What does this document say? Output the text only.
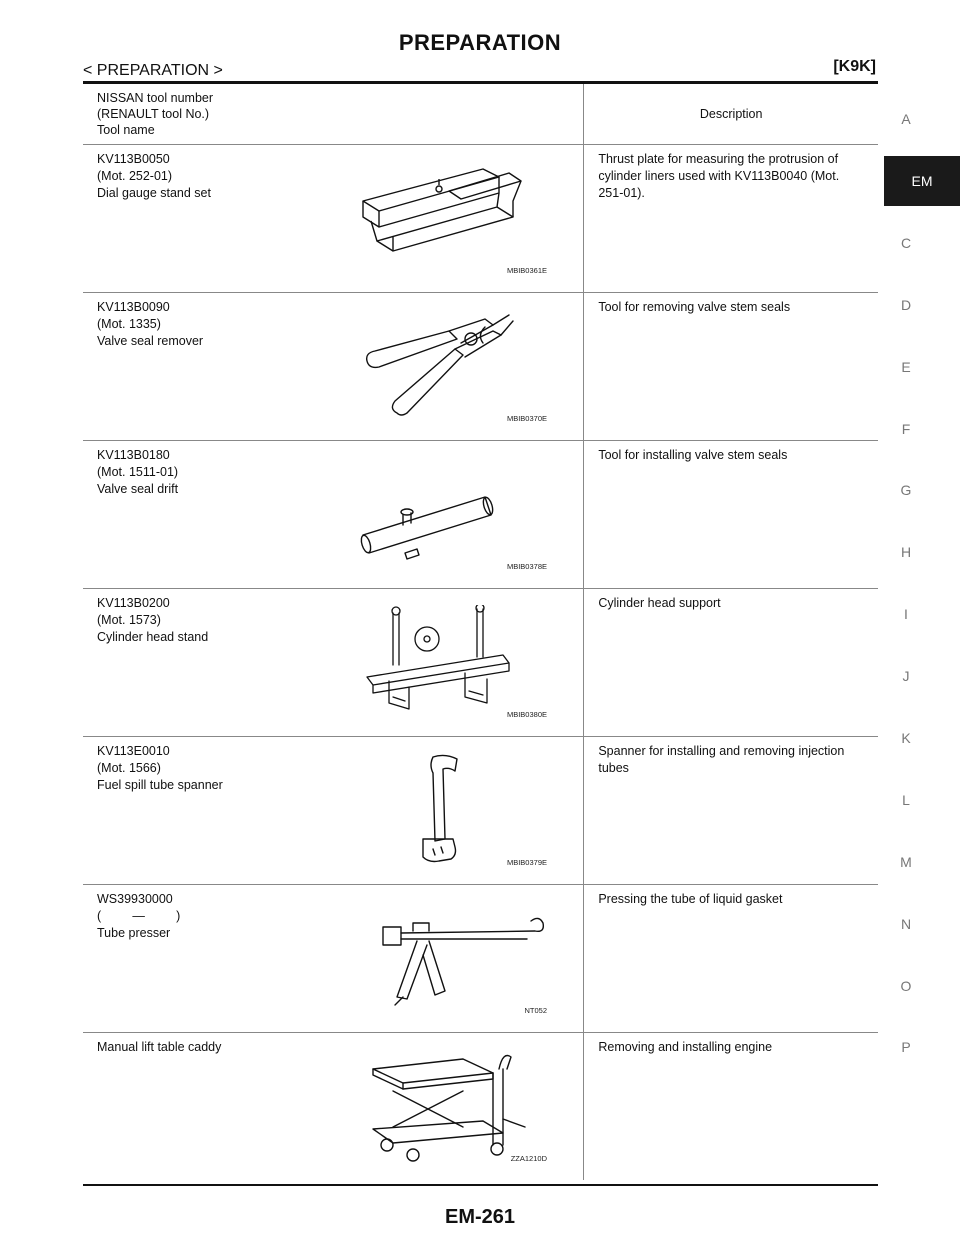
PREPARATION
< PREPARATION >	[K9K]
NISSAN tool number
(RENAULT tool No.)
Tool name	Description

KV113B0050
(Mot. 252-01)
Dial gauge stand set
MBIB0361E	Thrust plate for measuring the protrusion of cylinder liners used with KV113B0040 (Mot. 251-01).

KV113B0090
(Mot. 1335)
Valve seal remover
MBIB0370E	Tool for removing valve stem seals

KV113B0180
(Mot. 1511-01)
Valve seal drift
MBIB0378E	Tool for installing valve stem seals

KV113B0200
(Mot. 1573)
Cylinder head stand
MBIB0380E	Cylinder head support

KV113E0010
(Mot. 1566)
Fuel spill tube spanner
MBIB0379E	Spanner for installing and removing injection tubes

WS39930000
(         —         )
Tube presser
NT052	Pressing the tube of liquid gasket

Manual lift table caddy
ZZA1210D	Removing and installing engine
A
EM
C
D
E
F
G
H
I
J
K
L
M
N
O
P
EM-261
